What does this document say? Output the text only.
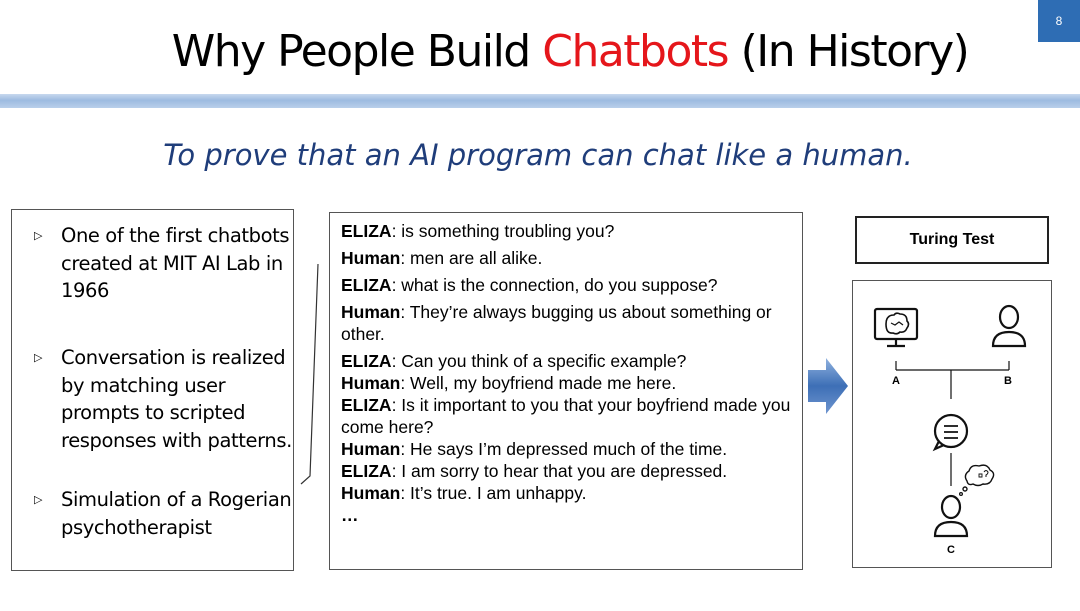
8
Why People Build Chatbots (In History)
To prove that an AI program can chat like a human.
▷ One of the first chatbots created at MIT AI Lab in 1966
▷ Conversation is realized by matching user prompts to scripted responses with patterns.
▷ Simulation of a Rogerian psychotherapist
ELIZA: is something troubling you?
Human: men are all alike.
ELIZA: what is the connection, do you suppose?
Human: They’re always bugging us about something or other.
ELIZA: Can you think of a specific example?
Human: Well, my boyfriend made me here.
ELIZA: Is it important to you that your boyfriend made you come here?
Human: He says I’m depressed much of the time.
ELIZA: I am sorry to hear that you are depressed.
Human: It’s true. I am unhappy.
…
Turing Test
A	B
C
